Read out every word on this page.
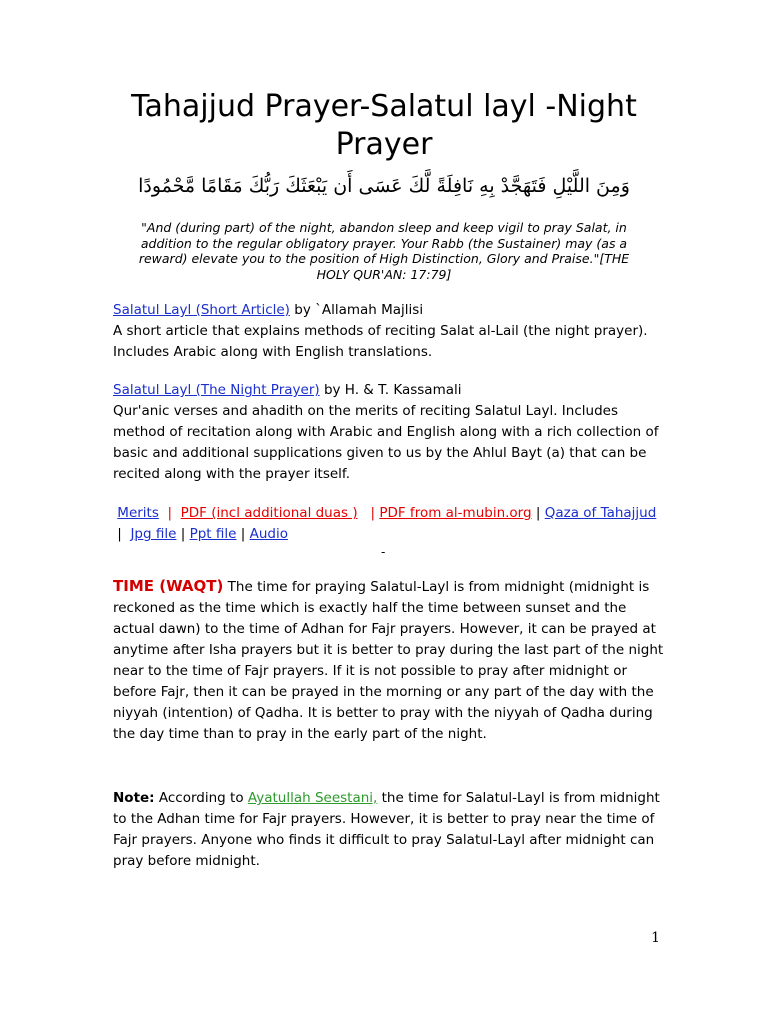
Tahajjud Prayer-Salatul layl -Night Prayer
وَمِنَ اللَّيْلِ فَتَهَجَّدْ بِهِ نَافِلَةً لَّكَ عَسَى أَن يَبْعَثَكَ رَبُّكَ مَقَامًا مَّحْمُودًا
"And (during part) of the night, abandon sleep and keep vigil to pray Salat, in addition to the regular obligatory prayer. Your Rabb (the Sustainer) may (as a reward) elevate you to the position of High Distinction, Glory and Praise."[THE HOLY QUR'AN: 17:79]
Salatul Layl (Short Article) by `Allamah Majlisi
A short article that explains methods of reciting Salat al-Lail (the night prayer). Includes Arabic along with English translations.
Salatul Layl (The Night Prayer) by H. & T. Kassamali
Qur'anic verses and ahadith on the merits of reciting Salatul Layl. Includes method of recitation along with Arabic and English along with a rich collection of basic and additional supplications given to us by the Ahlul Bayt (a) that can be recited along with the prayer itself.
Merits | PDF (incl additional duas ) | PDF from al-mubin.org | Qaza of Tahajjud  | Jpg file | Ppt file | Audio
-
TIME (WAQT) The time for praying Salatul-Layl is from midnight (midnight is reckoned as the time which is exactly half the time between sunset and the actual dawn) to the time of Adhan for Fajr prayers. However, it can be prayed at anytime after Isha prayers but it is better to pray during the last part of the night near to the time of Fajr prayers. If it is not possible to pray after midnight or before Fajr, then it can be prayed in the morning or any part of the day with the niyyah (intention) of Qadha. It is better to pray with the niyyah of Qadha during the day time than to pray in the early part of the night.
Note: According to Ayatullah Seestani, the time for Salatul-Layl is from midnight to the Adhan time for Fajr prayers. However, it is better to pray near the time of Fajr prayers. Anyone who finds it difficult to pray Salatul-Layl after midnight can pray before midnight.
1
